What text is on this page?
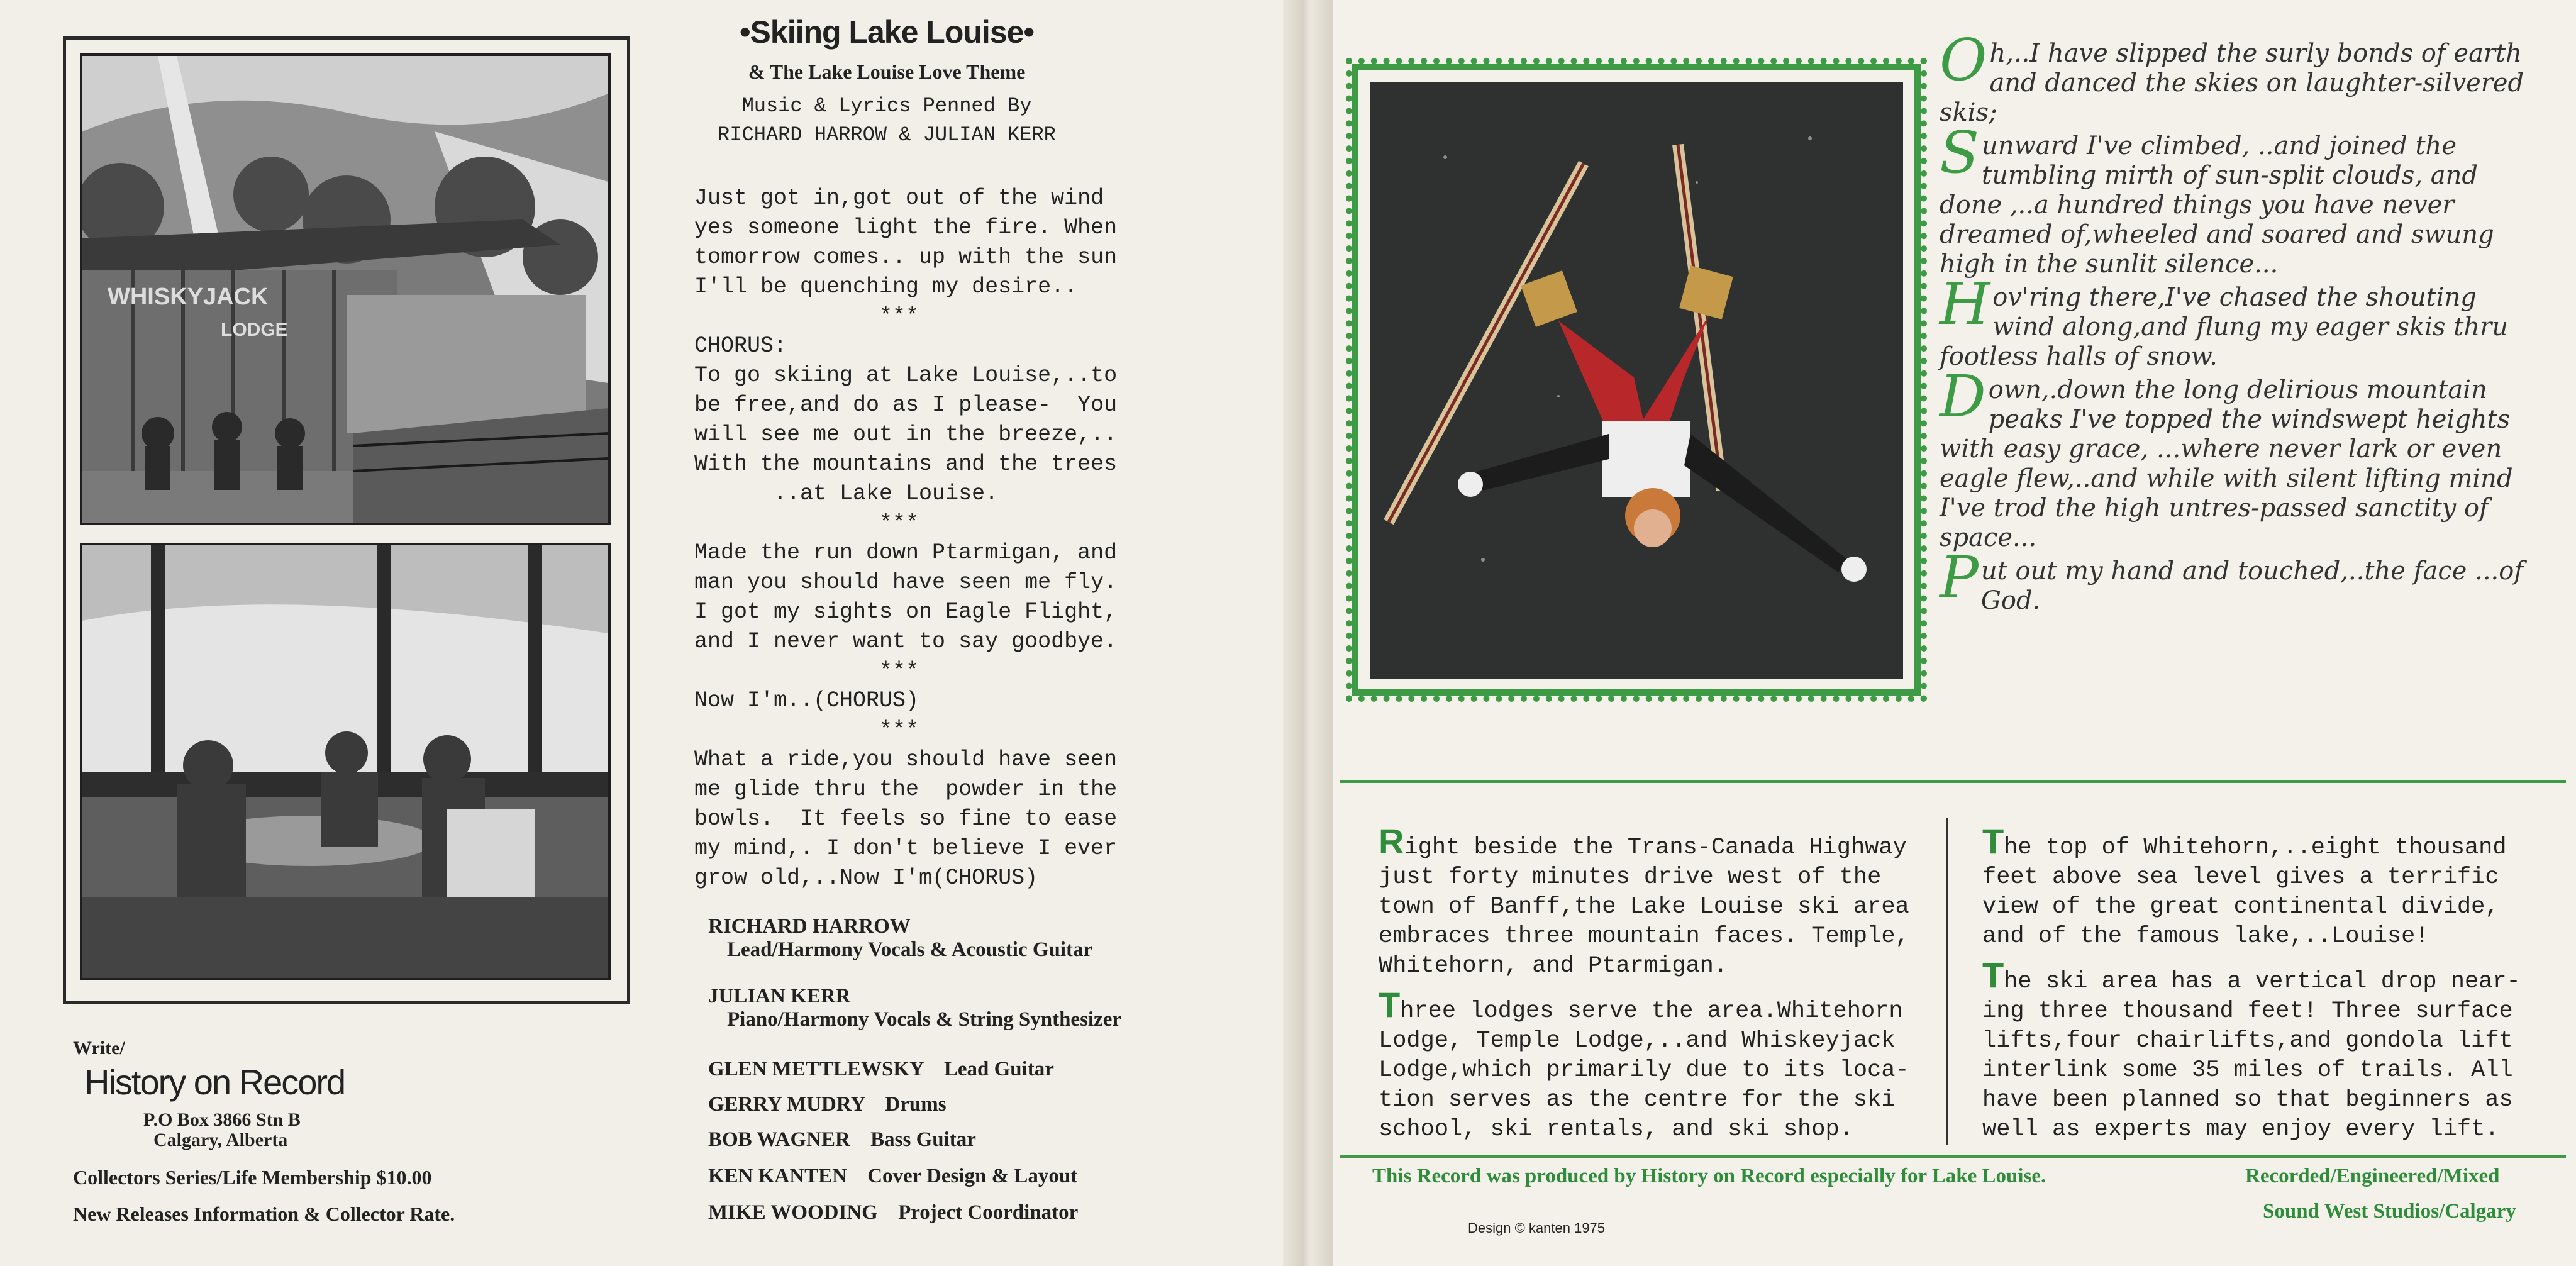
WHISKYJACK
LODGE
•Skiing Lake Louise•
& The Lake Louise Love Theme
Music & Lyrics Penned By
RICHARD HARROW & JULIAN KERR
Just got in,got out of the wind
yes someone light the fire. When
tomorrow comes.. up with the sun
I'll be quenching my desire..
***
CHORUS:
To go skiing at Lake Louise,..to
be free,and do as I please-  You
will see me out in the breeze,..
With the mountains and the trees
..at Lake Louise.
***
Made the run down Ptarmigan, and
man you should have seen me fly.
I got my sights on Eagle Flight,
and I never want to say goodbye.
***
Now I'm..(CHORUS)
***
What a ride,you should have seen
me glide thru the  powder in the
bowls.  It feels so fine to ease
my mind,. I don't believe I ever
grow old,..Now I'm(CHORUS)
RICHARD HARROW
Lead/Harmony Vocals & Acoustic Guitar
JULIAN KERR
Piano/Harmony Vocals & String Synthesizer
GLEN METTLEWSKY Lead Guitar
GERRY MUDRY Drums
BOB WAGNER Bass Guitar
KEN KANTEN Cover Design & Layout
MIKE WOODING Project Coordinator
Write/
History on Record
P.O Box 3866 Stn B
Calgary, Alberta
Collectors Series/Life Membership $10.00
New Releases Information & Collector Rate.

Oh,..I have slipped the surly bonds of earth and danced the skies on laughter-silvered skis;

Sunward I've climbed, ..and joined the tumbling mirth of sun-split clouds, and done ,..a hundred things you have never dreamed of,wheeled and soared and swung high in the sunlit silence...

Hov'ring there,I've chased the shouting wind along,and flung my eager skis thru footless halls of snow.

Down,.down the long delirious mountain peaks I've topped the windswept heights with easy grace, ...where never lark or even eagle flew,..and while with silent lifting mind I've trod the high untres-passed sanctity of space...

Put out my hand and touched,..the face ...of God.

Right beside the Trans-Canada Highway just forty minutes drive west of the town of Banff,the Lake Louise ski area embraces three mountain faces. Temple, Whitehorn, and Ptarmigan.

Three lodges serve the area.Whitehorn Lodge, Temple Lodge,..and Whiskeyjack Lodge,which primarily due to its loca-tion serves as the centre for the ski school, ski rentals, and ski shop.

The top of Whitehorn,..eight thousand feet above sea level gives a terrific view of the great continental divide, and of the famous lake,..Louise!

The ski area has a vertical drop near-ing three thousand feet! Three surface lifts,four chairlifts,and gondola lift interlink some 35 miles of trails. All have been planned so that beginners as well as experts may enjoy every lift.

This Record was produced by History on Record especially for Lake Louise.	Recorded/Engineered/Mixed
Sound West Studios/Calgary
Design © kanten 1975
